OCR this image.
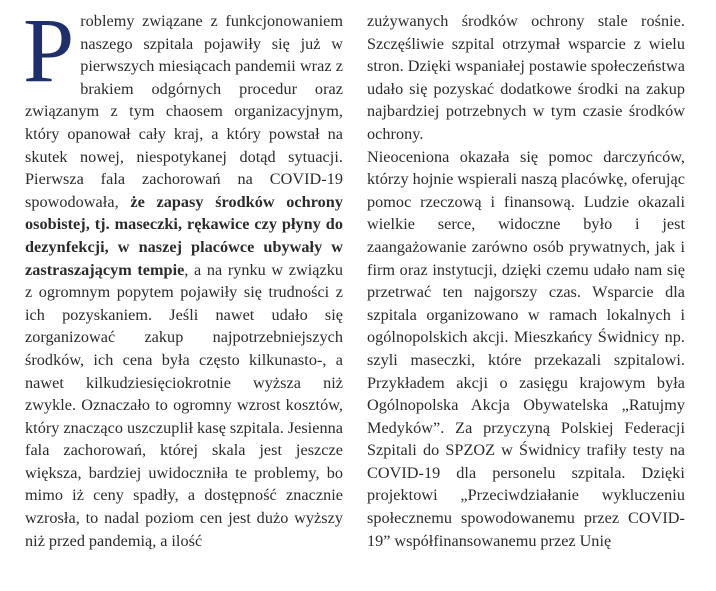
Problemy związane z funkcjonowaniem naszego szpitala pojawiły się już w pierwszych miesiącach pandemii wraz z brakiem odgórnych procedur oraz związanym z tym chaosem organizacyjnym, który opanował cały kraj, a który powstał na skutek nowej, niespotykanej dotąd sytuacji. Pierwsza fala zachorowań na COVID-19 spowodowała, że zapasy środków ochrony osobistej, tj. maseczki, rękawice czy płyny do dezynfekcji, w naszej placówce ubywały w zastraszającym tempie, a na rynku w związku z ogromnym popytem pojawiły się trudności z ich pozyskaniem. Jeśli nawet udało się zorganizować zakup najpotrzebniejszych środków, ich cena była często kilkunasto-, a nawet kilkudziesięciokrotnie wyższa niż zwykle. Oznaczało to ogromny wzrost kosztów, który znacząco uszczuplił kasę szpitala. Jesienna fala zachorowań, której skala jest jeszcze większa, bardziej uwidoczniła te problemy, bo mimo iż ceny spadły, a dostępność znacznie wzrosła, to nadal poziom cen jest dużo wyższy niż przed pandemią, a ilość

zużywanych środków ochrony stale rośnie. Szczęśliwie szpital otrzymał wsparcie z wielu stron. Dzięki wspaniałej postawie społeczeństwa udało się pozyskać dodatkowe środki na zakup najbardziej potrzebnych w tym czasie środków ochrony.

Nieoceniona okazała się pomoc darczyńców, którzy hojnie wspierali naszą placówkę, oferując pomoc rzeczową i finansową. Ludzie okazali wielkie serce, widoczne było i jest zaangażowanie zarówno osób prywatnych, jak i firm oraz instytucji, dzięki czemu udało nam się przetrwać ten najgorszy czas. Wsparcie dla szpitala organizowano w ramach lokalnych i ogólnopolskich akcji. Mieszkańcy Świdnicy np. szyli maseczki, które przekazali szpitalowi. Przykładem akcji o zasięgu krajowym była Ogólnopolska Akcja Obywatelska „Ratujmy Medyków”. Za przyczyną Polskiej Federacji Szpitali do SPZOZ w Świdnicy trafiły testy na COVID-19 dla personelu szpitala. Dzięki projektowi „Przeciwdziałanie wykluczeniu społecznemu spowodowanemu przez COVID-19” współfinansowanemu przez Unię
